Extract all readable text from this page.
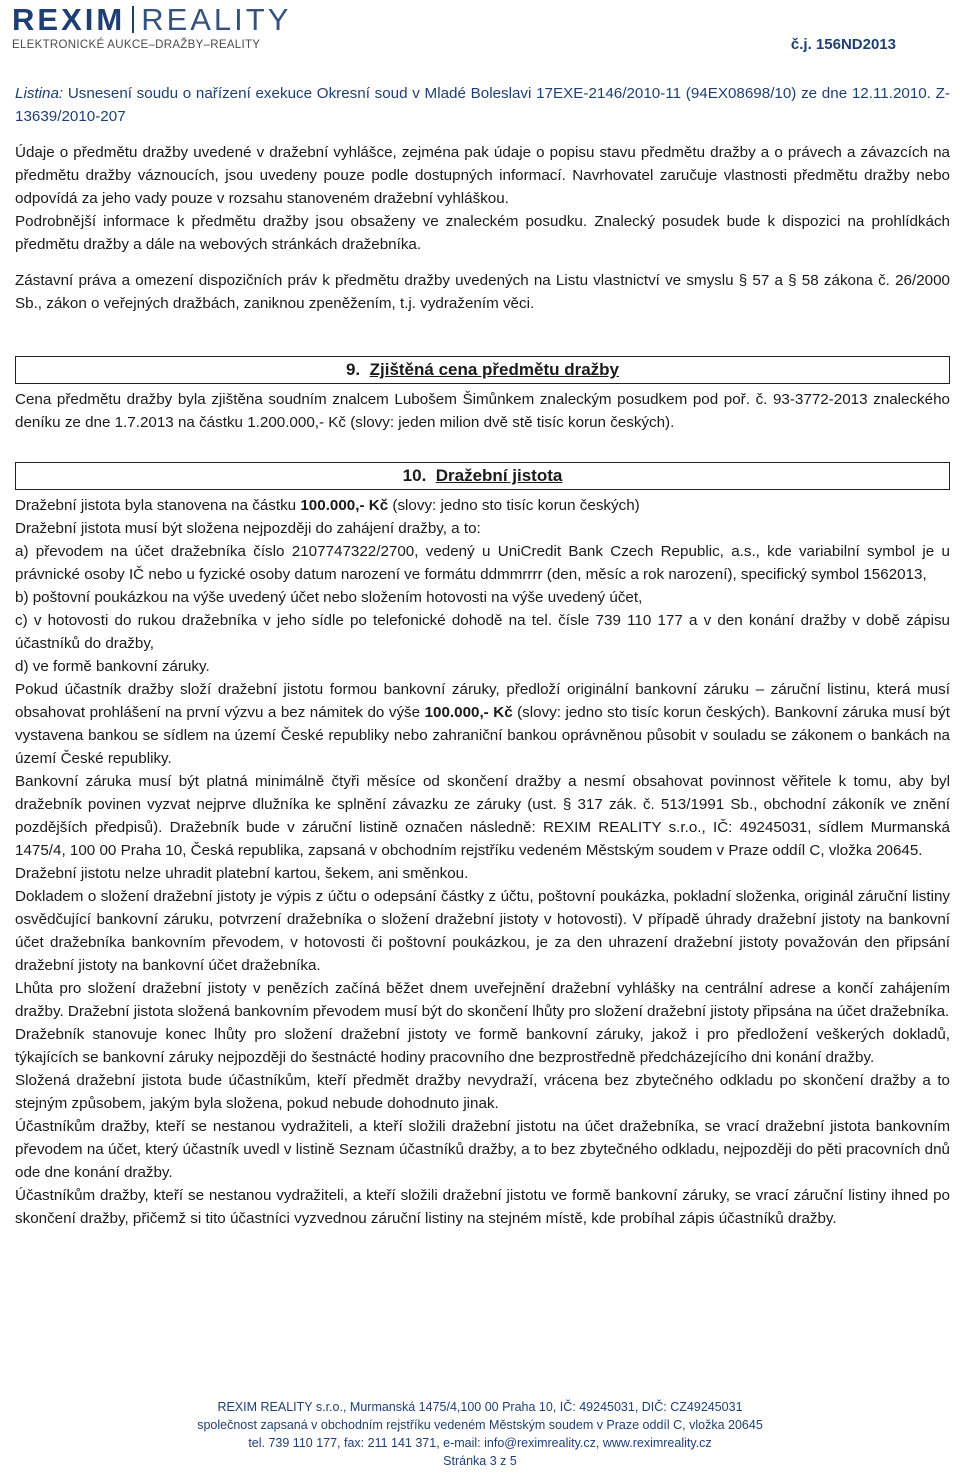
REXIM REALITY
ELEKTRONICKÉ AUKCE–DRAŽBY–REALITY	č.j. 156ND2013
Listina: Usnesení soudu o nařízení exekuce Okresní soud v Mladé Boleslavi 17EXE-2146/2010-11 (94EX08698/10) ze dne 12.11.2010. Z-13639/2010-207

Údaje o předmětu dražby uvedené v dražební vyhlášce, zejména pak údaje o popisu stavu předmětu dražby a o právech a závazcích na předmětu dražby váznoucích, jsou uvedeny pouze podle dostupných informací. Navrhovatel zaručuje vlastnosti předmětu dražby nebo odpovídá za jeho vady pouze v rozsahu stanoveném dražební vyhláškou.

Podrobnější informace k předmětu dražby jsou obsaženy ve znaleckém posudku. Znalecký posudek bude k dispozici na prohlídkách předmětu dražby a dále na webových stránkách dražebníka.

Zástavní práva a omezení dispozičních práv k předmětu dražby uvedených na Listu vlastnictví ve smyslu § 57 a § 58 zákona č. 26/2000 Sb., zákon o veřejných dražbách, zaniknou zpeněžením, t.j. vydražením věci.

9. Zjištěná cena předmětu dražby

Cena předmětu dražby byla zjištěna soudním znalcem Lubošem Šimůnkem znaleckým posudkem pod poř. č. 93-3772-2013 znaleckého deníku ze dne 1.7.2013 na částku 1.200.000,- Kč (slovy: jeden milion dvě stě tisíc korun českých).

10. Dražební jistota

Dražební jistota byla stanovena na částku 100.000,- Kč (slovy: jedno sto tisíc korun českých)

Dražební jistota musí být složena nejpozději do zahájení dražby, a to:

a) převodem na účet dražebníka číslo 2107747322/2700, vedený u UniCredit Bank Czech Republic, a.s., kde variabilní symbol je u právnické osoby IČ nebo u fyzické osoby datum narození ve formátu ddmmrrrr (den, měsíc a rok narození), specifický symbol 1562013,

b) poštovní poukázkou na výše uvedený účet nebo složením hotovosti na výše uvedený účet,

c) v hotovosti do rukou dražebníka v jeho sídle po telefonické dohodě na tel. čísle 739 110 177 a v den konání dražby v době zápisu účastníků do dražby,

d) ve formě bankovní záruky.

Pokud účastník dražby složí dražební jistotu formou bankovní záruky, předloží originální bankovní záruku – záruční listinu, která musí obsahovat prohlášení na první výzvu a bez námitek do výše 100.000,- Kč (slovy: jedno sto tisíc korun českých). Bankovní záruka musí být vystavena bankou se sídlem na území České republiky nebo zahraniční bankou oprávněnou působit v souladu se zákonem o bankách na území České republiky.

Bankovní záruka musí být platná minimálně čtyři měsíce od skončení dražby a nesmí obsahovat povinnost věřitele k tomu, aby byl dražebník povinen vyzvat nejprve dlužníka ke splnění závazku ze záruky (ust. § 317 zák. č. 513/1991 Sb., obchodní zákoník ve znění pozdějších předpisů). Dražebník bude v záruční listině označen následně: REXIM REALITY s.r.o., IČ: 49245031, sídlem Murmanská 1475/4, 100 00 Praha 10, Česká republika, zapsaná v obchodním rejstříku vedeném Městským soudem v Praze oddíl C, vložka 20645.

Dražební jistotu nelze uhradit platební kartou, šekem, ani směnkou.

Dokladem o složení dražební jistoty je výpis z účtu o odepsání částky z účtu, poštovní poukázka, pokladní složenka, originál záruční listiny osvědčující bankovní záruku, potvrzení dražebníka o složení dražební jistoty v hotovosti). V případě úhrady dražební jistoty na bankovní účet dražebníka bankovním převodem, v hotovosti či poštovní poukázkou, je za den uhrazení dražební jistoty považován den připsání dražební jistoty na bankovní účet dražebníka.

Lhůta pro složení dražební jistoty v penězích začíná běžet dnem uveřejnění dražební vyhlášky na centrální adrese a končí zahájením dražby. Dražební jistota složená bankovním převodem musí být do skončení lhůty pro složení dražební jistoty připsána na účet dražebníka.

Dražebník stanovuje konec lhůty pro složení dražební jistoty ve formě bankovní záruky, jakož i pro předložení veškerých dokladů, týkajících se bankovní záruky nejpozději do šestnácté hodiny pracovního dne bezprostředně předcházejícího dni konání dražby.

Složená dražební jistota bude účastníkům, kteří předmět dražby nevydraží, vrácena bez zbytečného odkladu po skončení dražby a to stejným způsobem, jakým byla složena, pokud nebude dohodnuto jinak.

Účastníkům dražby, kteří se nestanou vydražiteli, a kteří složili dražební jistotu na účet dražebníka, se vrací dražební jistota bankovním převodem na účet, který účastník uvedl v listině Seznam účastníků dražby, a to bez zbytečného odkladu, nejpozději do pěti pracovních dnů ode dne konání dražby.

Účastníkům dražby, kteří se nestanou vydražiteli, a kteří složili dražební jistotu ve formě bankovní záruky, se vrací záruční listiny ihned po skončení dražby, přičemž si tito účastníci vyzvednou záruční listiny na stejném místě, kde probíhal zápis účastníků dražby.

REXIM REALITY s.r.o., Murmanská 1475/4,100 00 Praha 10, IČ: 49245031, DIČ: CZ49245031
společnost zapsaná v obchodním rejstříku vedeném Městským soudem v Praze oddíl C, vložka 20645
tel. 739 110 177, fax: 211 141 371, e-mail: info@reximreality.cz, www.reximreality.cz
Stránka 3 z 5
